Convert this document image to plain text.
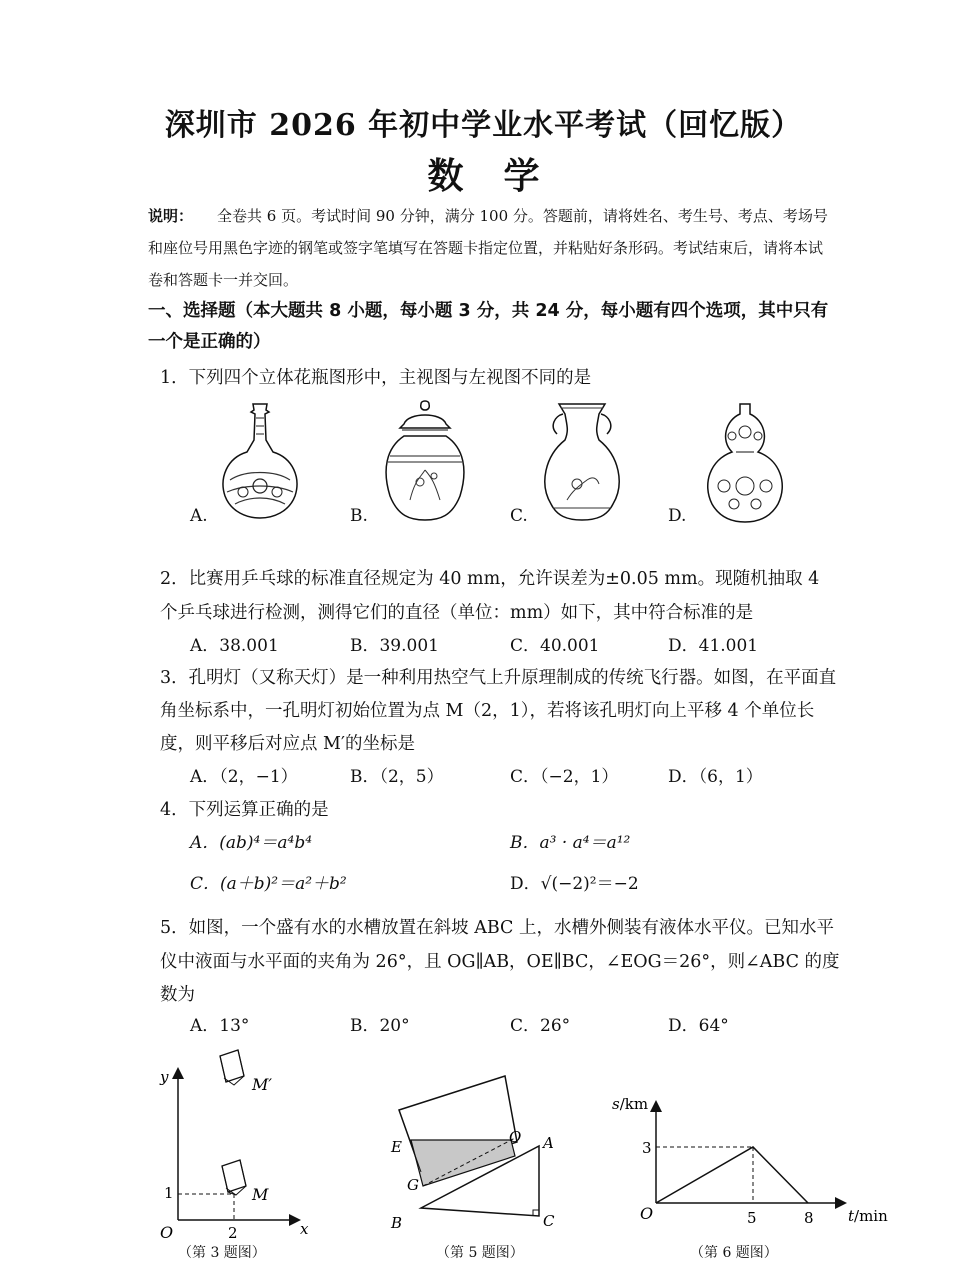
深圳市 2026 年初中学业水平考试（回忆版）
数学
说明： 全卷共 6 页。考试时间 90 分钟，满分 100 分。答题前，请将姓名、考生号、考点、考场号和座位号用黑色字迹的钢笔或签字笔填写在答题卡指定位置，并粘贴好条形码。考试结束后，请将本试卷和答题卡一并交回。
一、选择题（本大题共 8 小题，每小题 3 分，共 24 分，每小题有四个选项，其中只有一个是正确的）
1．下列四个立体花瓶图形中，主视图与左视图不同的是
A.	B.	C.	D.
2．比赛用乒乓球的标准直径规定为 40 mm，允许误差为±0.05 mm。现随机抽取 4 个乒乓球进行检测，测得它们的直径（单位：mm）如下，其中符合标准的是
A．38.001	B．39.001	C．40.001	D．41.001
3．孔明灯（又称天灯）是一种利用热空气上升原理制成的传统飞行器。如图，在平面直角坐标系中，一孔明灯初始位置为点 M（2，1），若将该孔明灯向上平移 4 个单位长度，则平移后对应点 M′的坐标是
A．（2，−1）	B．（2，5）	C．（−2，1）	D．（6，1）
4．下列运算正确的是
A．(ab)⁴＝a⁴b⁴	B．a³ · a⁴＝a¹²
C．(a＋b)²＝a²＋b²	D．√(−2)²＝−2
5．如图，一个盛有水的水槽放置在斜坡 ABC 上，水槽外侧装有液体水平仪。已知水平仪中液面与水平面的夹角为 26°，且 OG∥AB，OE∥BC，∠EOG＝26°，则∠ABC 的度数为
A．13°	B．20°	C．26°	D．64°
y
x
O
1
2
M
M′
（第 3 题图）
E
O A
G
B	C
（第 5 题图）
s/km
3
O	5	8 t/min
（第 6 题图）
